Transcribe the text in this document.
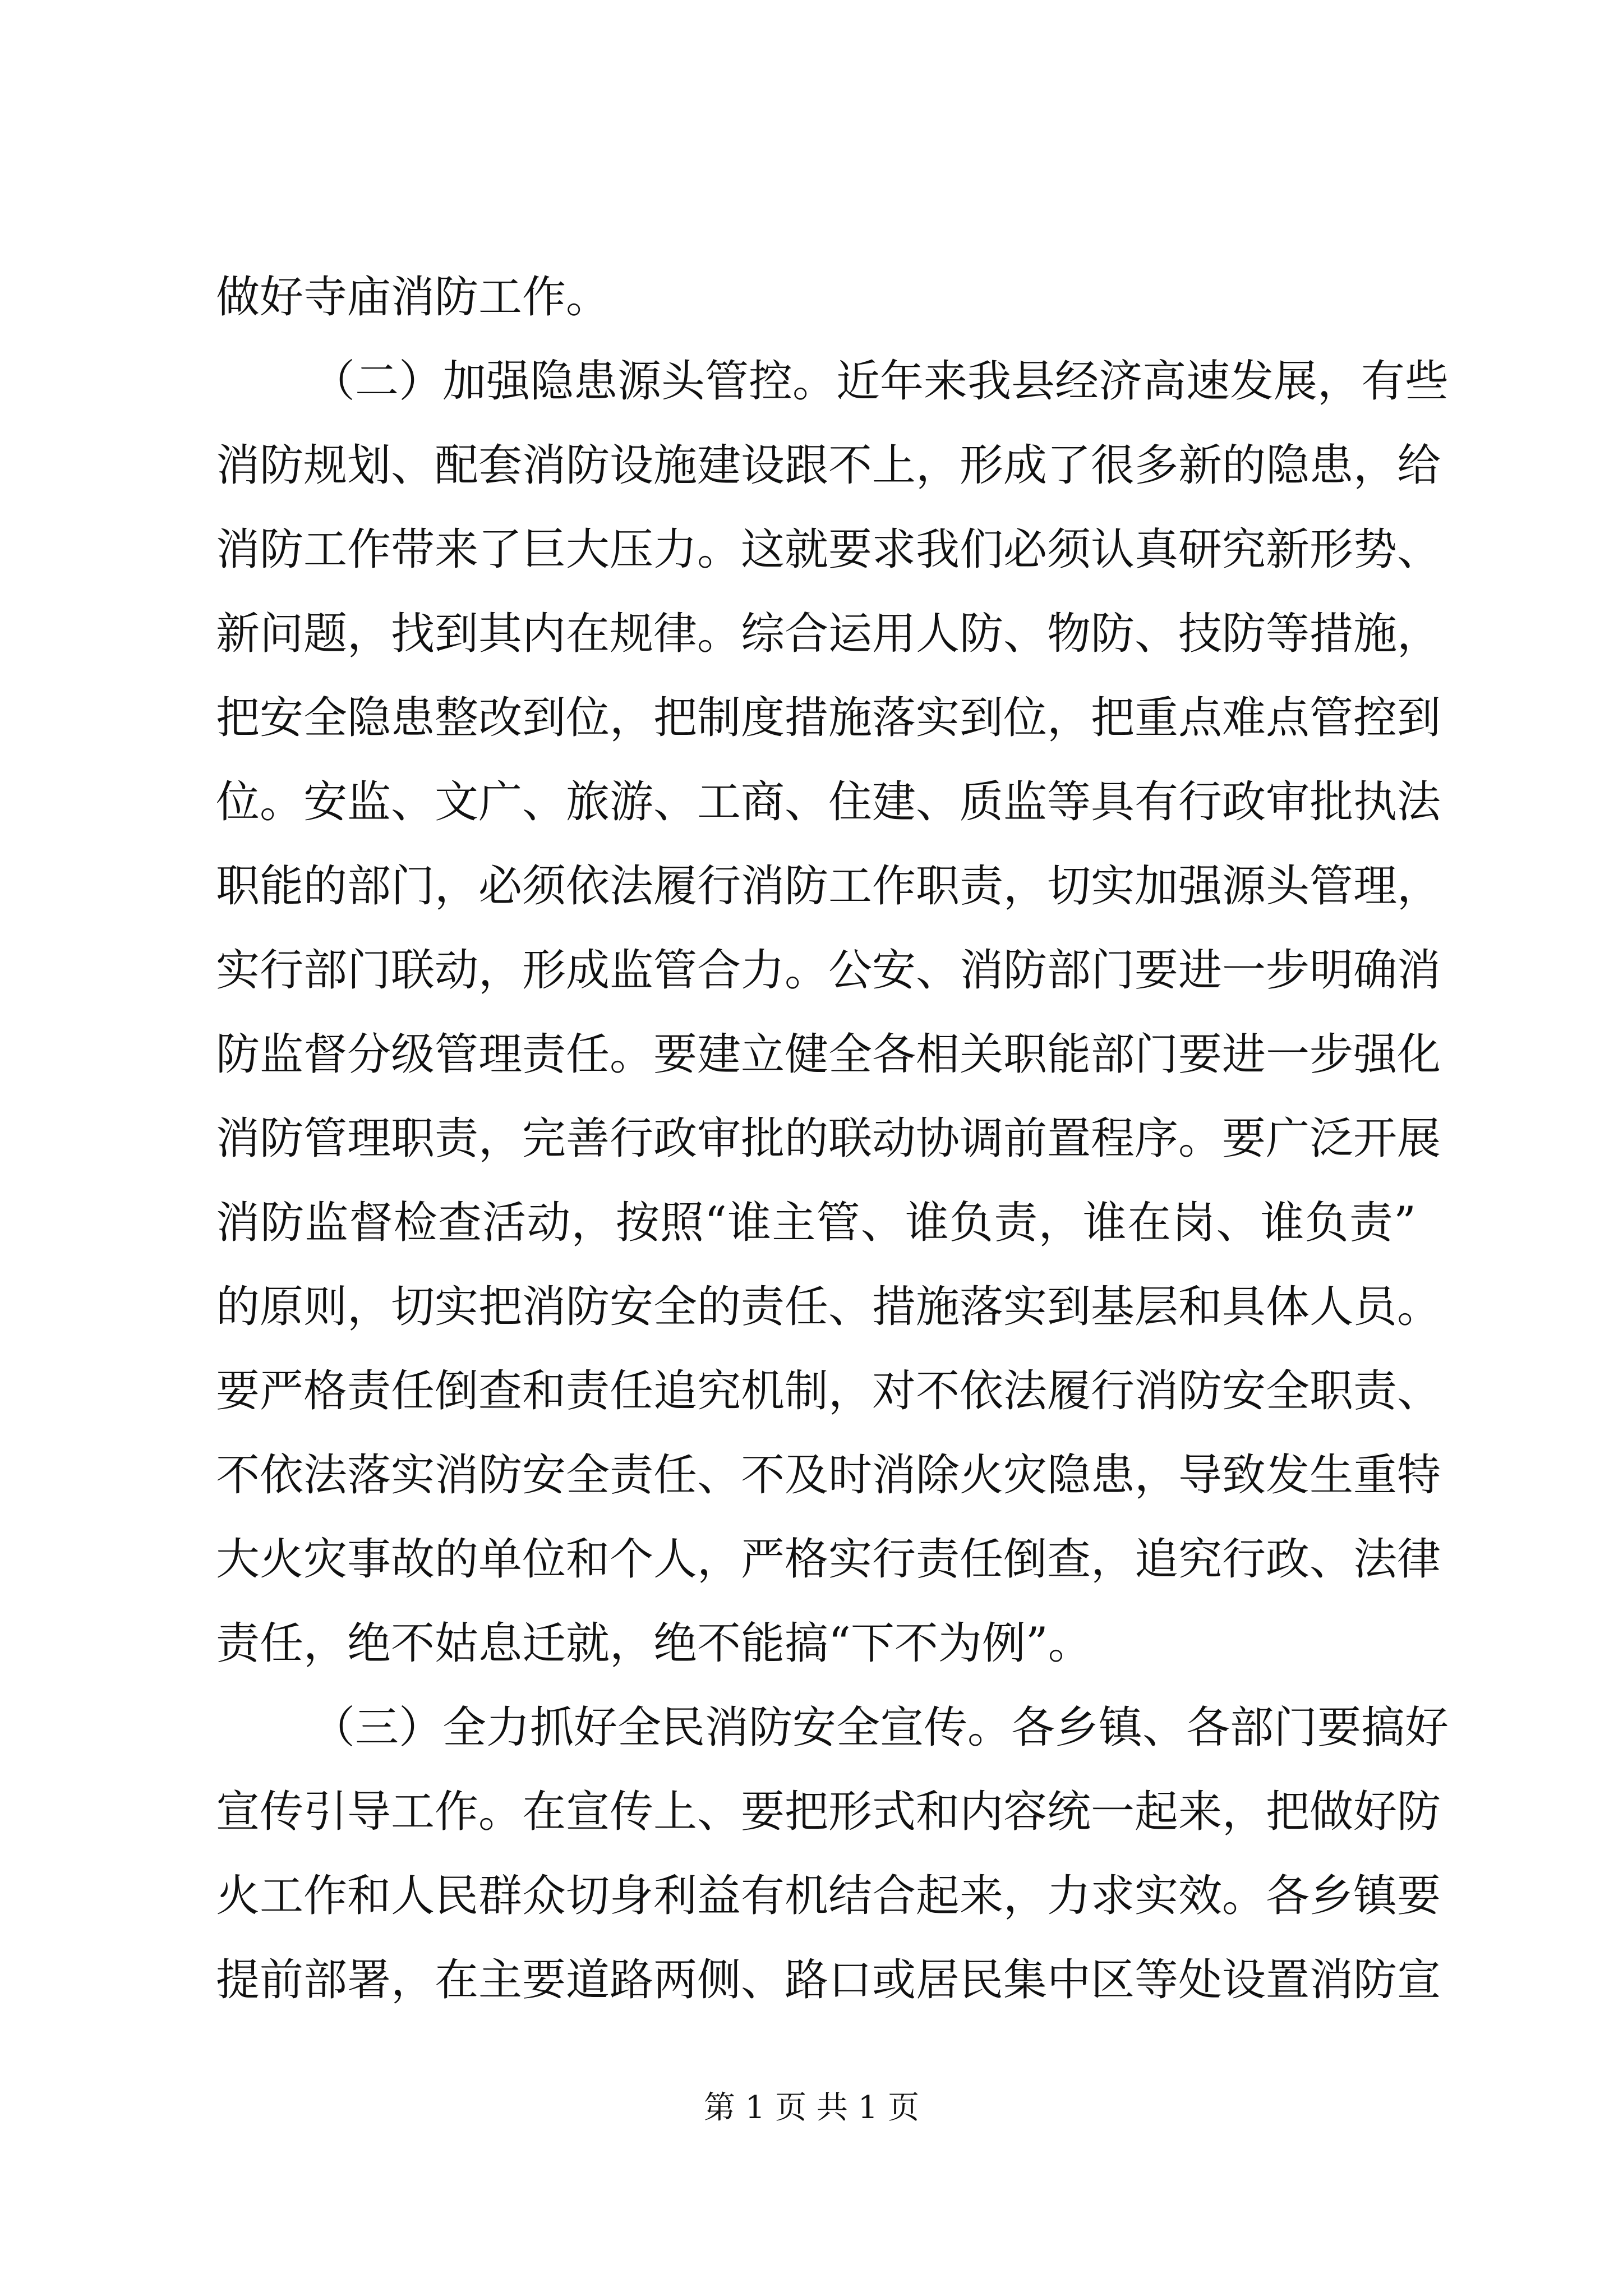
做好寺庙消防工作。
（二）加强隐患源头管控。近年来我县经济高速发展，有些
消防规划、配套消防设施建设跟不上，形成了很多新的隐患，给
消防工作带来了巨大压力。这就要求我们必须认真研究新形势、
新问题，找到其内在规律。综合运用人防、物防、技防等措施，
把安全隐患整改到位，把制度措施落实到位，把重点难点管控到
位。安监、文广、旅游、工商、住建、质监等具有行政审批执法
职能的部门，必须依法履行消防工作职责，切实加强源头管理，
实行部门联动，形成监管合力。公安、消防部门要进一步明确消
防监督分级管理责任。要建立健全各相关职能部门要进一步强化
消防管理职责，完善行政审批的联动协调前置程序。要广泛开展
消防监督检查活动，按照“谁主管、谁负责，谁在岗、谁负责”
的原则，切实把消防安全的责任、措施落实到基层和具体人员。
要严格责任倒查和责任追究机制，对不依法履行消防安全职责、
不依法落实消防安全责任、不及时消除火灾隐患，导致发生重特
大火灾事故的单位和个人，严格实行责任倒查，追究行政、法律
责任，绝不姑息迁就，绝不能搞“下不为例”。
（三）全力抓好全民消防安全宣传。各乡镇、各部门要搞好
宣传引导工作。在宣传上、要把形式和内容统一起来，把做好防
火工作和人民群众切身利益有机结合起来，力求实效。各乡镇要
提前部署，在主要道路两侧、路口或居民集中区等处设置消防宣
第 1 页 共 1 页
